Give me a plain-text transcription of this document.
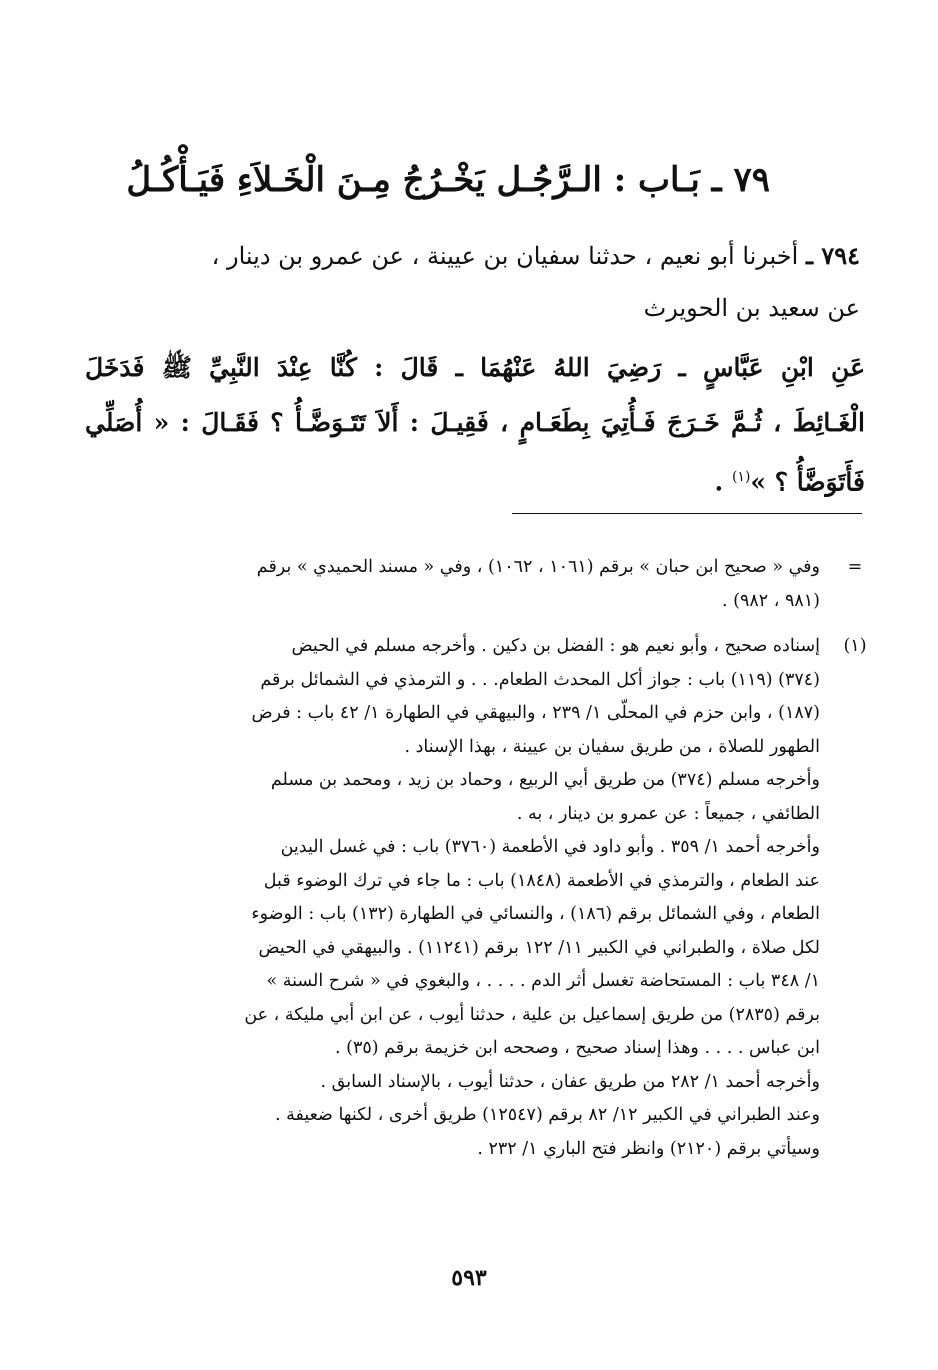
٧٩ ـ بَـاب : الـرَّجُـل يَخْـرُجُ مِـنَ الْخَـلاَءِ فَيَـأْكُـلُ
٧٩٤ ـ أخبرنا أبو نعيم ، حدثنا سفيان بن عيينة ، عن عمرو بن دينار ،
عن سعيد بن الحويرث
عَنِ ابْنِ عَبَّاسٍ ـ رَضِيَ اللهُ عَنْهُمَا ـ قَالَ : كُنَّا عِنْدَ النَّبِيِّ ﷺ فَدَخَلَ
الْغَـائِطَ ، ثُـمَّ خَـرَجَ فَـأُتِيَ بِطَعَـامٍ ، فَقِيـلَ : أَلاَ تَتَـوَضَّـأُ ؟ فَقَـالَ : « أُصَلِّي
فَأَتَوَضَّأُ ؟ »$^{(١)}$ .
=
وفي « صحيح ابن حبان » برقم (١٠٦١ ، ١٠٦٢) ، وفي « مسند الحميدي » برقم
(٩٨١ ، ٩٨٢) .
(١)
إسناده صحيح ، وأبو نعيم هو : الفضل بن دكين . وأخرجه مسلم في الحيض
(٣٧٤) (١١٩) باب : جواز أكل المحدث الطعام. . . و الترمذي في الشمائل برقم
(١٨٧) ، وابن حزم في المحلّى ١/ ٢٣٩ ، والبيهقي في الطهارة ١/ ٤٢ باب : فرض
الطهور للصلاة ، من طريق سفيان بن عيينة ، بهذا الإسناد .
وأخرجه مسلم (٣٧٤) من طريق أبي الربيع ، وحماد بن زيد ، ومحمد بن مسلم
الطائفي ، جميعاً : عن عمرو بن دينار ، به .
وأخرجه أحمد ١/ ٣٥٩ . وأبو داود في الأطعمة (٣٧٦٠) باب : في غسل اليدين
عند الطعام ، والترمذي في الأطعمة (١٨٤٨) باب : ما جاء في ترك الوضوء قبل
الطعام ، وفي الشمائل برقم (١٨٦) ، والنسائي في الطهارة (١٣٢) باب : الوضوء
لكل صلاة ، والطبراني في الكبير ١١/ ١٢٢ برقم (١١٢٤١) . والبيهقي في الحيض
١/ ٣٤٨ باب : المستحاضة تغسل أثر الدم . . . . ، والبغوي في « شرح السنة »
برقم (٢٨٣٥) من طريق إسماعيل بن علية ، حدثنا أيوب ، عن ابن أبي مليكة ، عن
ابن عباس . . . . وهذا إسناد صحيح ، وصححه ابن خزيمة برقم (٣٥) .
وأخرجه أحمد ١/ ٢٨٢ من طريق عفان ، حدثنا أيوب ، بالإسناد السابق .
وعند الطبراني في الكبير ١٢/ ٨٢ برقم (١٢٥٤٧) طريق أخرى ، لكنها ضعيفة .
وسيأتي برقم (٢١٢٠) وانظر فتح الباري ١/ ٢٣٢ .
٥٩٣
